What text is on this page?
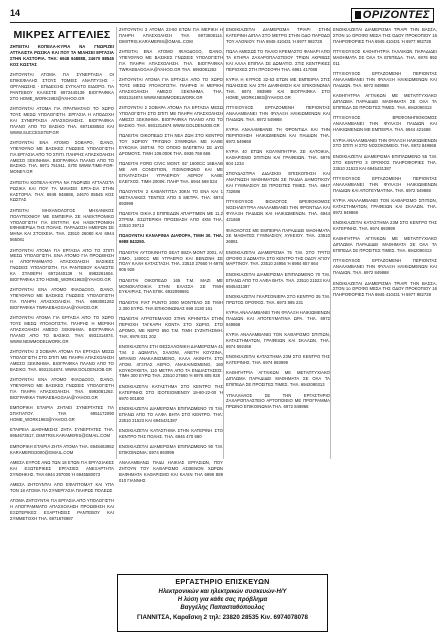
14	ΟΡΙΖΟΝΤΕΣ
ΜΙΚΡΕΣ ΑΓΓΕΛΙΕΣ

ΖΗΤΕΙΤΑΙ ΚΟΠΕΛΑ-ΚΥΡΙΑ ΝΑ ΓΝΩΡΙΖΕΙ ΑΤΤΑΛΙΣΤΑ ΡΩΣΙΚΑ ΚΑΙ ΠΟΥ ΤΑ ΜΙΛΗΣΕΙ ΕΡΓΑΣΙΑ ΣΤΗΝ ΚΑΣΤΟΡΙΑ. ΤΗΛ: 6948 948888, 24670 88545 ΚΟΣ ΚΩΣΤΑΣ

ΖΗΤΟΥΝΤΑΙ ΑΤΟΜΑ ΓΙΑ ΣΥΝΕΡΓΑΣΙΑ ΟΙ ΕΠΙΚΕΦΑΛΗΣ ΣΤΟΥΣ ΤΟΜΕΙΣ ΑΝΑΠΤΥΞΗΣ - ΟΡΓΑΝΩΣΗΣ - ΕΠΙΔΕΙΞΗΣ ΣΥΓΚΑΙΤΟ ΕΙΔΟΡΟ. ΓΙΑ ΡΑΝΤΕΒΟΥ ΚΑΛΕΣΤΕ 6972440139 ΒΙΟΓΡΑΦΙΚΑ ΣΤΟ HOME_WORK1983@YAHOO.GR

ΖΗΤΟΥΝΤΑΙ ΑΤΟΜΑ ΓΙΑ ΠΡΑΓΜΑΤΑΙΟ ΤΟ ΧΩΡΟ ΤΟΥΣ ΜΕΣΩ ΥΠΟΛΟΓΙΣΤΗ. ΕΡΓΑΣΙΑ Η ΑΠΟΔΟΧΗ ΚΑΙ ΣΥΝΕΡΓΑΣΙΑ ΑΠΑΣΧΟΛΗΣΗΣ. ΒΙΟΓΡΑΦΙΚΑ ΠΛΑΝΟ ΑΠΟ ΤΟ ΒΑΣΙΚΟ ΤΗΛ. 6971838553 ΚΑΙ WWW.SUCCESSTEP.GR

ΖΗΤΟΥΝΤΑΙ ΕΝΑ ΑΤΟΜΟ ΣΟΒΑΡΟ, ΙΣΑΝΟ, ΥΠΕΥΘΥΝΟ ΜΕ ΒΑΣΙΚΕΣ ΓΝΩΣΕΙΣ ΥΠΟΛΟΓΙΣΤΗ ΓΙΑ ΕΡΓΑΣΙΑ ΑΠΟ ΤΟ ΣΠΙΤΙ. ΠΛΗΡΗΣ ΑΠΑΣΧΟΛΗΣΗ ΑΜΕΣΟ ΞΕΚΙΝΗΜΑ. ΒΙΟΓΡΑΦΙΚΑ ΠΛΑΝΟ ΑΠΟ ΤΟ ΒΑΣΙΚΟ. ΤΗΛ. 6971 751911. SITE WWW.TIME-FOR-MONEY.GR

ΖΗΤΕΙΤΑΙ ΚΟΠΕΛΑ-ΚΥΡΙΑ ΝΑ ΓΝΩΡΙΖΕΙ ΑΤΤΑΛΙΣΤΑ ΡΩΣΙΚΑ ΚΑΙ ΠΟΥ ΤΑ ΜΙΛΗΣΕΙ ΕΡΓΑ-ΣΙΑ ΣΤΗΝ ΚΑΣΤΟΡΙΑ. ΤΗΛ: 6948 948888, 24670 85545 ΚΟΣ ΚΩΣΤΑΣ

ΖΗΤΕΙΤΑΙ ΜΗΧΑΝΟΛΟΓΟΣ ΜΗΧΑΝΙΚΟΣ ΠΟΛΥΤΕΧΝΙΟΥ ΜΕ ΕΜΠΕΙΡΙΑ ΣΕ ΗΛΕΚΤΡΟΝΙΚΟ ΥΠΟΛΟΓΙΣΤΗ ΓΙΑ ΕΝΤΥΠΗ ΚΑΙ ΗΛΕΚΤΡΟΝΙΚΗ ΕΦΗΜΕΡΙΔΑ ΤΗΣ ΠΟΛΗΣ. ΠΑΡΑΔΟΣΗ ΗΜΕΡΩΝ ΣΕ ΜΗΝΑ ΚΑΙ ΣΤΟΙΧΕΙΑ. ΤΗΛ. 23510 26080 ΚΑΙ 6944 565081

ΖΗΤΟΥΝΤΑΙ ΑΤΟΜΑ ΓΙΑ ΕΡΓΑΣΙΑ ΑΠΟ ΤΟ ΣΠΙΤΙ ΜΕΣΩ ΥΠΟΛΟΓΙΣΤΗ. ΕΝΑ ΑΤΟΜΟ ΓΙΑ ΠΡΟΩΘΗΣΗ Η ΑΠΟΓΡΑΜΜΑΤΟ ΑΠΑΣΧΟΛΗΣΗ ΒΑΣΙΚΕΣ ΓΝΩΣΕΙΣ ΥΠΟΛΟΓΙΣΤΗ. ΓΙΑ ΡΑΝΤΕΒΟΥ ΚΑΛΕΣΤΕ ΚΑ ΣΤΑΘΕΡΗ 6972440139 Ή 6983261604. ΒΙΟΓΡΑΦΙΚΑ ΣΤΟ HOME_WORK1983@YAHOO.GR

ΖΗΤΟΥΝΤΑΙ ΕΝΑ ΑΤΟΜΟ ΦΙΛΟΔΟΞΟ, ΙΣΑΝΟ, ΥΠΕΥΘΥΝΟ ΜΕ ΒΑΣΙΚΕΣ ΓΝΩΣΕΙΣ ΥΠΟΛΟΓΙΣΤΗ ΓΙΑ ΠΛΗΡΗ ΑΠΑΣΧΟΛΗΣΗ. ΤΗΛ. 6993081262 ΒΙΟΓΡΑΦΙΚΑ TWRAEBAGGAIA@YAHOO.GR

ΖΗΤΟΥΝΤΑΙ ΑΤΟΜΑ ΓΙΑ ΕΡΓΑΣΙΑ ΑΠΟ ΤΟ ΧΩΡΟ ΤΟΥΣ ΜΕΣΩ ΥΠΟΛΟΓΙΣΤΗ. ΠΛΗΡΗΣ Η ΜΕΡΙΚΗ ΑΠΑΣΧΟΛΗΣΗ ΑΜΕΣΟ ΞΕΚΙΝΗΜΑ. ΒΙΟΓΡΑΦΙΚΑ ΠΛΑΝΟ ΑΠΟ ΤΟ ΒΑΣΙΚΟ. ΤΗΛ: 6931314874. WWW.NEWMODELWORK.GR

ΖΗΤΟΥΝΤΑΙ 3 ΣΟΒΑΡΑ ΑΤΟΜΑ ΓΙΑ ΕΡΓΑΣΙΑ ΜΕΣΩ ΥΠΟΛΟΓΙΣΤΗ ΣΤΟ ΣΠΙΤΙ ΜΕ ΠΛΗΡΗ ΑΠΑΣΧΟΛΗΣΗ ΑΜΕΣΟ ΞΕΚΙΝΗΜΑ. ΒΙΟΓΡΑΦΙΚΑ ΠΛΑΝΟ ΑΠΟ ΤΟ ΒΑΣΙΚΟ. ΤΗΛ. 6931314874. WWW.GOLDENJOB.GR

ΖΗΤΟΥΝΤΑΙ ΕΝΑ ΑΤΟΜΟ ΦΙΛΟΔΟΞΟ, ΙΣΑΝΟ, ΥΠΕΥΘΥΝΟ ΜΕ ΒΑΣΙΚΕΣ ΓΝΩΣΕΙΣ ΥΠΟΛΟΓΙΣΤΗ ΓΙΑ ΠΛΗΡΗ ΑΠΑΣΧΟΛΗΣΗ. ΤΗΛ. 6993081262. ΒΙΟΓΡΑΦΙΚΑ TWRAEBAGGAIA@YAHOO.GR

ΕΜΠΟΡΙΚΗ ΕΤΑΙΡΙΑ ΖΗΤΑΕΙ ΣΥΝΕΡΓΑΤΕΣ ΓΙΑ ΣΠΑΤΙΑΤΟΥ. ΤΗΛ 6951172090 HOME_WORK1983@YAHOO.GR

ΕΤΑΙΡΕΙΑ ΔΙΑΦΗΜΙΣΗΣ ΖΗΤΑ ΣΥΝΕΡΓΑΤΕΣ ΤΗΛ. 6954673517. DIMITRIS.KARAMERIS@GMAIL.COM

ΕΜΠΟΡΙΚΗ ΕΤΑΙΡΙΑ ΖΗΤΑ ΑΤΟΜΑ ΤΗΛ. 6948463952 KARAMERIS2000@GMAIL.COM

ΑΜΕΣΑ ΕΥΡΟΣ ΑΝΩ ΤΩΝ 18 ΕΤΩΝ ΓΙΑ ΕΡΓΑΣΙΑΚΕΣ ΚΑΙ ΕΞΩΤΕΡΙΚΕΣ ΕΡΓΑΣΙΕΣ ΑΝΕΞΑΡΤΗΤΑ ΣΥΝΘΗΚΗΣ. ΤΗΛ 6944 297000 Ή 6945580073

ΑΜΕΣΑ ΖΗΤΟΥΝΤΑΙ ΑΠΟ ΕΦΑΠΤΟΜΑΤ ΚΑΙ ΥΠΑ ΤΟΝ 18 ΑΤΟΜΑ ΓΙΑ ΣΥΝΕΡΓΑΣΙΑ ΠΛΗΡΩΣ ΠΟΛΕΩΣ

ΑΤΟΜΑ ΖΗΤΟΥΝΤΑΙ ΓΙΑ ΕΡΓΑΣΙΑ ΑΠΟ ΥΠΟΛΟΓΙΣΤΗ Η ΑΠΟΓΡΑΜΜΑΤΟ ΑΠΑΣΧΟΛΗΣΗ ΠΡΟΩΘΗΣΗ ΚΑΙ ΕΞΩΤΕΡΙΚΕΣ ΕΞΑΡΤΗΣΕΙΣ ΡΑΝΤΕΒΟΥ ΚΑΙ ΣΥΜΜΕΤΟΧΗ ΤΗΛ. 6971676987

ΖΗΤΟΥΝΤΑΙ 3 ΑΤΟΜΑ 23-50 ΕΤΩΝ ΓΙΑ ΜΕΡΙΚΗ Η ΠΛΗΡΗ ΑΠΑΣΧΟΛΗΣΗ ΤΗΛ 6973508114. DIMITRIS.KARAMERIS@GMAIL.COM

ΖΗΤΕΙΤΑΙ ΕΝΑ ΑΤΟΜΟ ΦΙΛΟΔΟΞΟ, ΙΣΑΝΟ, ΥΠΕΥΘΥΝΟ ΜΕ ΒΑΣΙΚΕΣ ΓΝΩΣΕΙΣ ΥΠΟΛΟΓΙΣΤΗ ΓΙΑ ΠΛΗΡΗ ΑΠΑΣΧΟΛΗΣΗ. ΤΗΛ. ΒΙΟΓΡΑΦΙΚΑ TWRAEBAGGAIA@YAHOO.GR ΤΗΛ. 6993081262

ΖΗΤΟΥΝΤΑΙ ΑΤΟΜΑ ΓΙΑ ΕΡΓΑΣΙΑ ΑΠΟ ΤΟ ΧΩΡΟ ΤΟΥΣ ΜΕΣΩ ΥΠΟΛΟΓΙΣΤΗ. ΠΛΗΡΗΣ Η ΜΕΡΙΚΗ ΑΠΑΣΧΟΛΗΣΗ ΑΜΕΣΟ ΞΕΚΙΝΗΜΑ. ΤΗΛ. 6931314874 WWW.NEWMODELWORK.GR

ΖΗΤΟΥΝΤΑΙ 2 ΣΟΒΑΡΑ ΑΤΟΜΑ ΓΙΑ ΕΡΓΑΣΙΑ ΜΕΣΩ ΥΠΟΛΟΓΙΣΤΗ ΣΤΟ ΣΠΙΤΙ ΜΕ ΠΛΗΡΗ ΑΠΑΣΧΟΛΗΣΗ ΑΜΕΣΟ ΞΕΚΙΝΗΜΑ. ΒΙΟΓΡΑΦΙΚΑ ΠΛΑΝΟ ΑΠΟ ΤΟ ΒΑΣΙΚΟ. ΤΗΛ. 6931314874 WWW.GOLDENJOB.GR

ΠΩΛΕΙΤΑΙ ΟΙΚΟΠΕΔΟ ΣΤΗ ΝΕΑ ΖΩΗ ΣΤΟ ΚΕΝΤΡΟ ΤΟΥ ΧΩΡΙΟΥ ΤΡΙΓΩΝΟ ΣΥΜΦΩΝΑ ΜΕ ΚΑΘΕ ΕΥΚΟΛΙΑ 150Τ.Μ. ΤΟ ΟΠΟΙΟ ΒΛΕΠΕΤΑΙ ΣΕ ΔΥΟ ΔΡΟΜΟΥΣ. ΤΙΜΗ 108.000€ ΤΗΛ. 6936 768 666

ΠΩΛΕΙΤΑΙ FORD CIVIC ΜΟΝΤ. 92' 1600CC 16ΒΑΛΒ ΜΕ AIR CONDITION, ΠΙΣΙΝΟΦΩΝΟ ΚΑΙ ΜΕ ΕΓΚΑΤΑΣΤΑΣΗ ΥΓΡΑΕΡΙΟΥ ΑΕΡΙΟΥ ΚΑΘΕ ΕΛΕΓΧΟΣ. ΤΙΜΗ 2000€. ΠΛΗΡ ΤΗΛ. 6944 568 534

ΠΩΛΟΥΝΤΑΙ 2 ΚΑΒΑΝΤΙΤΣΑ 30ΚΝ ΤΟ ΕΝΑ ΚΑΙ 1 ΜΕΤΑΛΛΙΚΕΣ ΤΕΝΤΕΣ ΑΠΟ 5 ΜΕΤΡΑ. ΤΗΛ: 6974 893999

ΠΩΛΕΙΤΑΙ ΟΙΚΙΑ 2 ΕΠΙΠΕΔΩΝ ΑΠΑΡΤΙΜΕΝ ΜΕ 11,2 ΣΤΡΕΜ. ΕΣΩΤΕΡΙΚΗ ΠΡΟΣΒΑΣΗ ΑΠΟ 4ΧΜ ΤΗΛ. 23510 39713

ΠΩΛΟΥΝΤΑΙ ΚΑΝΑΡΙΝΙΑ ΔΙΑΦΟΡΑ, ΤΙΜΗ 30. ΤΗΛ. 6988 843250.

ΠΩΛΕΙΤΑΙ ΑΥΤΟΚΙΝΗΤΟ SEAT IBIZA ΜΟΝΤ 2001, Α/ΣΙΜΟ, 1400CC ΜΕ ΥΓΡΑΕΡΙΟ ΚΑΙ ΒΕΝΖΙΝΗ ΣΕ ΠΟΛΥ ΚΑΛΗ ΚΑΤΑΣΤΑΣΗ. ΤΗΛ. 23510 27660 Ή 6976 805 928

ΠΩΛΕΙΤΑΙ ΟΙΚΟΠΕΔΟ 165 Τ.Μ. ΜΑΖΙ ΜΕ ΜΟΝΟΚΑΤΟΙΚΙΑ ΣΤΗΝ ΕΛΑΣΣΑ ΣΕ ΤΙΜΗ ΕΥΚΑΙΡΙΑΣ. ΤΗΛ ΕΠΙΚ. 6932098691

ΠΩΛΕΙΤΑΙ FIAT PUNTO 2000 ΜΟΝΤΕΛΟ ΣΕ ΤΙΜΗ 2.300 ΕΥΡΩ. ΤΗΛ ΕΠΙΚΟΙΝΩΝΙΑΣ 699 2130 161

ΠΩΛΕΙΤΑΙ ΑΓΡΟΤΕΜΑΧΙΟ ΣΤΗΝ ΚΡΗΝΙΤΣΑ ΣΤΗΝ ΠΕΡΙΟΧΗ ΤΑΓΚΑΡΗ ΚΟΝΤΑ ΣΤΟ ΧΩΡΙΟ, ΣΤΟ ΔΡΟΜΟ, ΜΕ ΝΕΡΟ 650 Τ.Μ. ΤΙΜΗ ΣΥΖΗΤΗΣΙΜΗ. ΤΗΛ: 6978 031 202

ΕΝΟΙΚΙΑΖΕΤΑΙ ΣΤΗ ΘΕΣΣΑΛΟΝΙΚΗ ΔΙΑΜΕΡΙΣΜΑ 41 Τ.Μ. 2 ΔΩΜΑΤΙΑ, ΣΑΛΟΝΙ, ΑΝΕΤΗ ΚΟΥΖΙΝΑ, ΜΠΑΝΙΟ ΑΝΑΚΑΙΝΙΣΜΕΝΟ, ΚΑΛΑ ΑΚΙΝΗΤΑ ΣΤΟ ΑΤΟΜ. 4ΓΞΠΑΣ ΑΕΡΙΟ, ΑΝΑΚΑΙΝΙΣΜΕΝΟ, 160 ΚΟΥΚΟΥΚΕΤΑ, 110 ΜΕΤΡΑ ΑΠΟ ΤΑ ΕΝΔΙΑΣΤΑΣΕΙΣ. ΤΙΜΗ 300 ΕΥΡΩ ΤΗΛ. 23510 27660 Ή 6976 805 928

ΕΝΟΙΚΙΑΖΕΤΑΙ ΚΑΤΑΣΤΗΜΑ ΣΤΟ ΚΕΝΤΡΟ ΤΗΣ ΚΑΤΕΡΙΝΗΣ ΣΤΟ ΙΣΟΓΕΙΟΜΕΝΟΥ 18-80-22-00 Ή 6970 001800

ΕΝΟΙΚΙΑΖΕΤΑΙ ΔΙΑΜΕΡΙΣΜΑ ΕΠΙΠΛΩΜΕΝΟ 70 Τ.Μ. ΕΠΑΝΩ ΑΠΟ ΤΟ ΑΛΦΑ ΒΗΤΑ ΣΤΟ ΚΕΝΤΡΟ. ΤΗΛ: 23510 21523 ΚΑΙ 6945431387

ΕΝΟΙΚΙΑΖΕΤΑΙ ΚΑΤΑΣΤΗΜΑ ΣΤΗΝ ΚΑΤΕΡΙΝΗ ΣΤΟ ΚΕΝΤΡΟ ΤΗΣ ΠΟΛΗΣ. ΤΗΛ. 6945 470 680

ΕΝΟΙΚΙΑΖΕΤΑΙ ΔΙΑΜΕΡΙΣΜΑ ΕΠΙΠΛΩΜΕΝΟ 90 Τ.Μ. ΕΠΙΚΟΙΝΩΝΙΑ: 6974 893999

ΑΝΑΛΑΜΒΑΝΩ ΠΑΙΔΙ ΗΛΙΚΙΑΣ ΕΡΓΑΣΙΩΝ, ΠΟΥ ΖΗΤΟΥΝ ΤΟΥ ΚΑΘΑΡΙΣΜΟ ΑΣΘΕΝΟΝ ΧΩΡΩΝ ΒΑΦΗΜΑΤΑ ΚΑΘΑΡΙΣΜΟ ΚΑΙ ΚΑΛΙΝ ΤΗΛ 6998 889 010 ΓΙΑΝΝΗΣ

ΕΝΟΙΚΙΑΖΕΤΑΙ ΔΙΑΜΕΡΙΣΜΑ ΤΡΙΑΡΙ ΣΤΗΝ ΚΑΤΕΡΙΝΗ ΔΙΠΛΑ ΣΤΟ ΜΕΤΡΟ ΣΤΗΝ ΟΔΟ ΠΑΡΟΔΟ ΤΟΥ ΑΛΟΝΙΟΥ. ΤΗΛ 6945 410431 Ή 6977 982728

ΠΩΛΑ ΑΜΕΣΩΣ ΤΟ ΠΑΛΙΟ ΚΡΕΜΑΣΤΟ ΦΑΝΑΡΙ ΑΠΟ ΤΑ ΚΤΗΡΙΑ ΖΑΧΑΡΟΠΛΑΣΤΕΙΟΥ ΤΡΙΩΝ ΑΚΡΙΒΩΣ ΚΑΙ ΑΛΛΑ ΕΠΙΠΛΑ ΣΕ ΔΩΜΑΤΙΟ. ΣΤΙΣ ΚΕΝΤΡΙΚΕΣ ΠΕΡΙΟΧΕΣ ΣΤΗ ΠΡΟΣΟΨΗ ΤΗΛ. 6981 417088

ΚΥΡΙΑ Η ΚΥΡΙΟΣ 32-53 ΕΤΩΝ ΜΕ ΕΜΠΕΙΡΙΑ ΣΤΙΣ ΠΩΛΗΣΕΙΣ ΚΑΙ ΣΤΗ ΔΙΑΦΗΜΙΣΗ ΚΑΙ ΕΠΙΚΟΙΝΩΝΙΑ ΤΗΛ. 6974 893999 ΚΑΙ ΒΙΟΓΡΑΦΙΚΑ ΣΤΟ HOME_WORK1983@YAHOO.GR

ΠΤΥΧΙΟΥΧΟΣ ΕΡΓΑΖΟΜΕΝΗ ΠΕΡΙΟΝΤΑΣ ΑΝΑΛΑΜΒΑΝΕΙ ΤΗΝ ΦΥΛΑΞΗ ΗΛΙΚΙΩΜΕΝΩΝ ΚΑΙ ΠΑΙΔΙΩΝ. ΤΗΛ. 6972 549868

ΚΥΡΙΑ ΑΝΑΛΑΜΒΑΝΕΙ ΤΗ ΦΡΟΝΤΙΔΑ ΚΑΙ ΤΗΝ ΠΕΡΙΠΟΙΗΣΗ ΗΛΙΚΙΩΜΕΝΩΝ ΚΑΙ ΠΑΙΔΙΩΝ ΤΗΛ. 6972 549868

ΚΥΡΙΑ 40 ΕΤΩΝ ΚΟΛΥΜΠΗΤΡΙΑ ΣΕ ΚΑΤΟΙΚΙΑ, ΚΑΘΑΡΙΣΜΟ ΣΠΙΤΙΩΝ ΚΑΙ ΓΡΑΦΕΙΩΝ. ΤΗΛ. 6976 804 1234

ΣΠΟΥΔΑΣΤΡΙΑ ΔΙΔΑΣΚΕΙ ΕΠΙΣΚΟΠΗΣΗ ΚΑΙ ΑΝΑΓΝΩΣΗ ΜΑΘΗΜΑΤΩΝ ΣΕ ΠΑΙΔΙΑ ΔΗΜΟΤΙΚΟΥ ΚΑΙ ΓΥΜΝΑΣΙΟΥ ΣΕ ΠΡΟΣΙΤΕΣ ΤΙΜΕΣ. ΤΗΛ. 6947 732686

ΠΤΥΧΙΟΥΧΟΣ ΒΙΟΛΟΓΟΣ ΒΡΕΦΟΚΟΜΟΣ ΝΟΣΗΛΕΥΤΡΙΑ ΑΝΑΛΑΜΒΑΝΕΙ ΤΗΝ ΦΡΟΝΤΙΔΑ ΚΑΙ ΦΥΛΑΞΗ ΠΑΙΔΙΩΝ ΚΑΙ ΗΛΙΚΙΩΜΕΝΩΝ. ΤΗΛ. 6944 421668

ΦΙΛΟΛΟΓΟΣ ΜΕ ΕΜΠΕΙΡΙΑ ΠΑΡΑΔΙΔΕΙ ΜΑΘΗΜΑΤΑ ΣΕ ΜΑΘΗΤΕΣ ΓΥΜΝΑΣΙΟΥ, ΛΥΚΕΙΟΥ. ΤΗΛ. 23510 26881

ΕΝΟΙΚΙΑΖΕΤΑΙ ΔΙΑΜΕΡΙΣΜΑ 75 Τ.Μ. ΣΤΟ ΤΡΙΤΟ ΟΡΟΦΟ 3 ΔΩΜΑΤΙΑ ΣΤΟ ΚΕΝΤΡΟ ΤΗΣ ΟΔΟΥ ΑΓΙΟΥ ΜΑΡΤΙΝΟΥ. ΤΗΛ. 23510 24956 Ή 6984 657 664

ΕΝΟΙΚΙΑΖΕΤΑΙ ΔΙΑΜΕΡΙΣΜΑ ΕΠΙΠΛΩΜΕΝΟ 70 Τ.Μ. ΕΠΑΝΩ ΑΠΟ ΤΟ ΑΛΦΑ ΒΗΤΑ. ΤΗΛ. 23510 21523 ΚΑΙ 6945431387

ΕΝΟΙΚΙΑΖΕΤΑΙ ΓΚΑΡΣΟΝΙΕΡΑ ΣΤΟ ΚΕΝΤΡΟ 35 Τ.Μ. ΠΡΩΤΟΣ ΟΡΟΦΟΣ. ΤΗΛ. 6973 895 231

ΚΥΡΙΑ ΑΝΑΛΑΜΒΑΝΕΙ ΤΗΝ ΦΥΛΑΞΗ ΗΛΙΚΙΩΜΕΝΩΝ ΠΑΙΔΙΩΝ ΚΑΙ ΑΠΟΓΕΥΜΑΤΙΝΑ ΩΡΑ. ΤΗΛ. 6972 849868

ΚΥΡΙΑ ΑΝΑΛΑΜΒΑΝΕΙ ΤΟΝ ΚΑΘΑΡΙΣΜΟ ΣΠΙΤΙΩΝ, ΚΑΤΑΣΤΗΜΑΤΩΝ, ΓΡΑΦΕΙΩΝ ΚΑΙ ΣΚΑΛΩΝ. ΤΗΛ. 6974 692468

ΕΝΟΙΚΙΑΖΕΤΑΙ ΚΑΤΑΣΤΗΜΑ 23Μ ΣΤΟ ΚΕΝΤΡΟ ΤΗΣ ΚΑΤΕΡΙΝΗΣ. ΤΗΛ. 6974 893999

ΚΑΘΗΓΗΤΡΙΑ ΑΓΓΛΙΚΩΝ ΜΕ ΜΕΤΑΠΤΥΧΙΑΚΟ ΔΙΠΛΩΜΑ ΠΑΡΑΔΙΔΕΙ ΜΑΘΗΜΑΤΑ ΣΕ ΟΛΑ ΤΑ ΕΠΙΠΕΔΑ ΣΕ ΠΡΟΣΙΤΕΣ ΤΙΜΕΣ. ΤΗΛ. 6942090313

ΥΠΑΛΛΗΛΟΣ ΣΕ ΤΗΝ ΕΡΓΑΣΤΗΡΙΟ ΖΑΧΑΡΟΠΛΑΣΤΕΙΟ ΑΡΤΟΠΟΙΕΙΟ ΜΕ ΠΡΟΓΡΑΜΜΑ ΠΡΩΙΝΟ ΕΠΙΚΟΙΝΩΝΙΑ ΤΗΛ. 6972 849868

ΕΝΟΙΚΙΑΖΕΤΑΙ ΔΙΑΜΕΡΙΣΜΑ ΤΡΙΑΡΙ ΤΗΝ ΒΑΣΣΑ, ΣΤΟΝ 1ο ΟΡΟΦΟ ΜΕΣΑ ΤΗΣ ΟΔΟΥ ΠΡΟΚΟΠΙΟΥ 16 ΠΛΗΡΟΦΟΡΙΕΣ ΤΗΛ 6945 410431 Ή 6977 982728

ΠΤΥΧΙΟΥΧΟΣ ΚΑΘΗΓΗΤΡΙΑ ΓΑΛΛΙΚΩΝ ΠΑΡΑΔΙΔΕΙ ΜΑΘΗΜΑΤΑ ΣΕ ΟΛΑ ΤΑ ΕΠΙΠΕΔΑ. ΤΗΛ. 6976 892 011

ΠΤΥΧΙΟΥΧΟΣ ΕΡΓΑΖΟΜΕΝΗ ΠΕΡΙΟΝΤΑΣ ΑΝΑΛΑΜΒΑΝΕΙ ΤΗΝ ΦΥΛΑΞΗ ΗΛΙΚΙΩΜΕΝΩΝ ΚΑΙ ΠΑΙΔΙΩΝ. ΤΗΛ. 6972 849868

ΚΑΘΗΓΗΤΡΙΑ ΑΓΓΛΙΚΩΝ ΜΕ ΜΕΤΑΠΤΥΧΙΑΚΟ ΔΙΠΛΩΜΑ ΠΑΡΑΔΙΔΕΙ ΜΑΘΗΜΑΤΑ ΣΕ ΟΛΑ ΤΑ ΕΠΙΠΕΔΑ ΣΕ ΠΡΟΣΙΤΕΣ ΤΙΜΕΣ. ΤΗΛ. 6942090313

ΠΤΥΧΙΟΥΧΟΣ ΒΡΕΦΟΝΗΠΙΟΚΟΜΟΣ ΑΝΑΛΑΜΒΑΝΕΙ ΤΗΝ ΦΥΛΑΞΗ ΠΑΙΔΙΩΝ ΚΑΙ ΗΛΙΚΙΩΜΕΝΩΝ ΜΕ ΕΜΠΕΙΡΙΑ. ΤΗΛ. 6944 421668

ΚΥΡΙΑ ΑΝΑΛΑΜΒΑΝΕΙ ΤΗΝ ΦΥΛΑΞΗ ΗΛΙΚΙΩΜΕΝΩΝ ΣΤΟ ΣΠΙΤΙ Η ΣΤΟ ΝΟΣΟΚΟΜΕΙΟ. ΤΗΛ. 6972 849868

ΕΝΟΙΚΙΑΖΕΤΑΙ ΔΙΑΜΕΡΙΣΜΑ ΕΠΙΠΛΩΜΕΝΟ 55 Τ.Μ. ΣΤΟ ΚΕΝΤΡΟ 3 ΟΡΟΦΟΣ ΠΛΗΡΟΦΟΡΙΕΣ ΤΗΛ. 23510 21523 ΚΑΙ 6945431387

ΠΤΥΧΙΟΥΧΟΣ ΕΡΓΑΖΟΜΕΝΗ ΠΕΡΙΟΝΤΑΣ ΑΝΑΛΑΜΒΑΝΕΙ ΤΗΝ ΦΥΛΑΞΗ ΗΛΙΚΙΩΜΕΝΩΝ ΠΑΙΔΙΩΝ ΚΑΙ ΑΠΟΓΕΥΜΑΤΙΝΑ. ΤΗΛ. 6972 549868

ΚΥΡΙΑ ΑΝΑΛΑΜΒΑΝΕΙ ΤΟΝ ΚΑΘΑΡΙΣΜΟ ΣΠΙΤΙΩΝ, ΚΑΤΑΣΤΗΜΑΤΩΝ, ΓΡΑΦΕΙΩΝ ΚΑΙ ΣΚΑΛΩΝ. ΤΗΛ. 6972 849868

ΕΝΟΙΚΙΑΖΕΤΑΙ ΚΑΤΑΣΤΗΜΑ 23Μ ΣΤΟ ΚΕΝΤΡΟ ΤΗΣ ΚΑΤΕΡΙΝΗΣ. ΤΗΛ. 6974 893999

ΚΑΘΗΓΗΤΡΙΑ ΑΓΓΛΙΚΩΝ ΜΕ ΜΕΤΑΠΤΥΧΙΑΚΟ ΔΙΠΛΩΜΑ ΠΑΡΑΔΙΔΕΙ ΜΑΘΗΜΑΤΑ ΣΕ ΟΛΑ ΤΑ ΕΠΙΠΕΔΑ ΣΕ ΠΡΟΣΙΤΕΣ ΤΙΜΕΣ. ΤΗΛ. 6942090313

ΠΤΥΧΙΟΥΧΟΣ ΕΡΓΑΖΟΜΕΝΗ ΠΕΡΙΟΝΤΑΣ ΑΝΑΛΑΜΒΑΝΕΙ ΤΗΝ ΦΥΛΑΞΗ ΗΛΙΚΙΩΜΕΝΩΝ ΚΑΙ ΠΑΙΔΙΩΝ. ΤΗΛ. 6972 849868

ΕΝΟΙΚΙΑΖΕΤΑΙ ΔΙΑΜΕΡΙΣΜΑ ΤΡΙΑΡΙ ΤΗΝ ΒΑΣΣΑ, ΣΤΟΝ 1ο ΟΡΟΦΟ ΜΕΣΑ ΤΗΣ ΟΔΟΥ ΠΡΟΚΟΠΙΟΥ 16 ΠΛΗΡΟΦΟΡΙΕΣ ΤΗΛ 6945 410431 Ή 6977 982728

ΕΡΓΑΣΤΗΡΙΟ ΕΠΙΣΚΕΥΩΝ
Ηλεκτρονικών και ηλεκτρικών συσκευών-Η/Υ
Η λύση για κάθε σας πρόβλημα
Βαγγέλης Παπασταθόπουλος
ΓΙΑΝΝΙΤΣΑ, Καραΐσκη 2 τηλ: 23820 28535 Κιν. 6974078078
